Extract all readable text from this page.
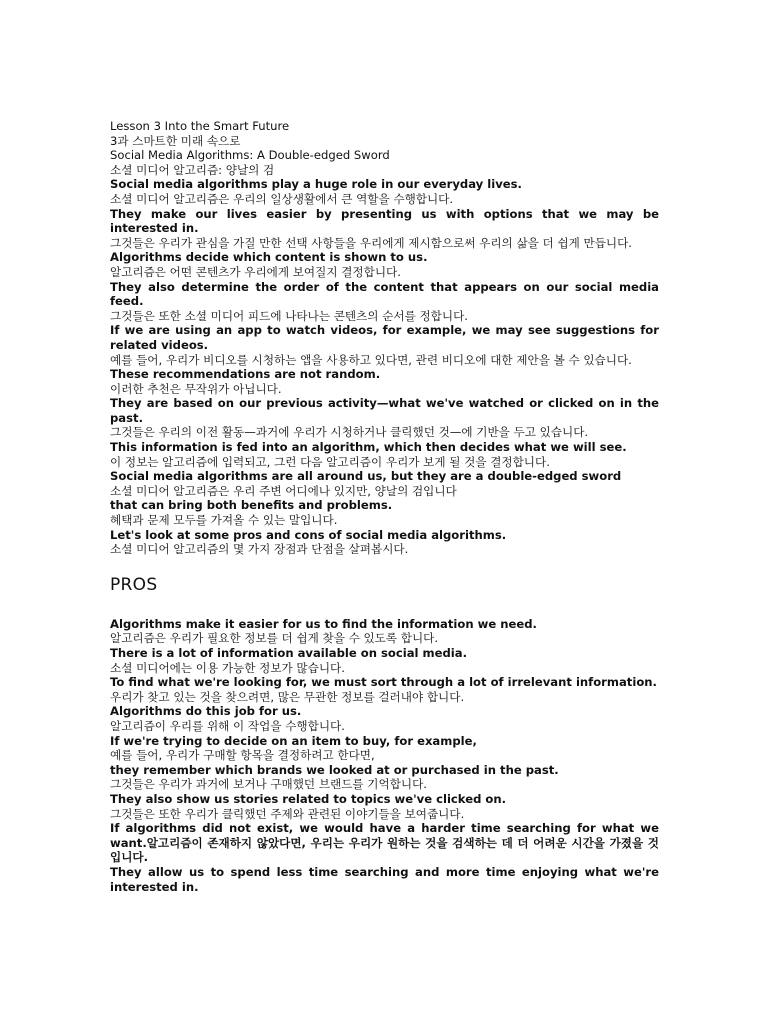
Lesson 3 Into the Smart Future
3과 스마트한 미래 속으로
Social Media Algorithms: A Double-edged Sword
소셜 미디어 알고리즘: 양날의 검
Social media algorithms play a huge role in our everyday lives.
소셜 미디어 알고리즘은 우리의 일상생활에서 큰 역할을 수행합니다.
They make our lives easier by presenting us with options that we may be interested in.
그것들은 우리가 관심을 가질 만한 선택 사항들을 우리에게 제시함으로써 우리의 삶을 더 쉽게 만듭니다.
Algorithms decide which content is shown to us.
알고리즘은 어떤 콘텐츠가 우리에게 보여질지 결정합니다.
They also determine the order of the content that appears on our social media feed.
그것들은 또한 소셜 미디어 피드에 나타나는 콘텐츠의 순서를 정합니다.
If we are using an app to watch videos, for example, we may see suggestions for related videos.
예를 들어, 우리가 비디오를 시청하는 앱을 사용하고 있다면, 관련 비디오에 대한 제안을 볼 수 있습니다.
These recommendations are not random.
이러한 추천은 무작위가 아닙니다.
They are based on our previous activity—what we've watched or clicked on in the past.
그것들은 우리의 이전 활동—과거에 우리가 시청하거나 클릭했던 것—에 기반을 두고 있습니다.
This information is fed into an algorithm, which then decides what we will see.
이 정보는 알고리즘에 입력되고, 그런 다음 알고리즘이 우리가 보게 될 것을 결정합니다.
Social media algorithms are all around us, but they are a double-edged sword
소셜 미디어 알고리즘은 우리 주변 어디에나 있지만, 양날의 검입니다
that can bring both benefits and problems.
혜택과 문제 모두를 가져올 수 있는 말입니다.
Let's look at some pros and cons of social media algorithms.
소셜 미디어 알고리즘의 몇 가지 장점과 단점을 살펴봅시다.
PROS
Algorithms make it easier for us to find the information we need.
알고리즘은 우리가 필요한 정보를 더 쉽게 찾을 수 있도록 합니다.
There is a lot of information available on social media.
소셜 미디어에는 이용 가능한 정보가 많습니다.
To find what we're looking for, we must sort through a lot of irrelevant information.
우리가 찾고 있는 것을 찾으려면, 많은 무관한 정보를 걸러내야 합니다.
Algorithms do this job for us.
알고리즘이 우리를 위해 이 작업을 수행합니다.
If we're trying to decide on an item to buy, for example,
예를 들어, 우리가 구매할 항목을 결정하려고 한다면,
they remember which brands we looked at or purchased in the past.
그것들은 우리가 과거에 보거나 구매했던 브랜드를 기억합니다.
They also show us stories related to topics we've clicked on.
그것들은 또한 우리가 클릭했던 주제와 관련된 이야기들을 보여줍니다.
If algorithms did not exist, we would have a harder time searching for what we want.알고리즘이 존재하지 않았다면, 우리는 우리가 원하는 것을 검색하는 데 더 어려운 시간을 가졌을 것입니다.
They allow us to spend less time searching and more time enjoying what we're interested in.
